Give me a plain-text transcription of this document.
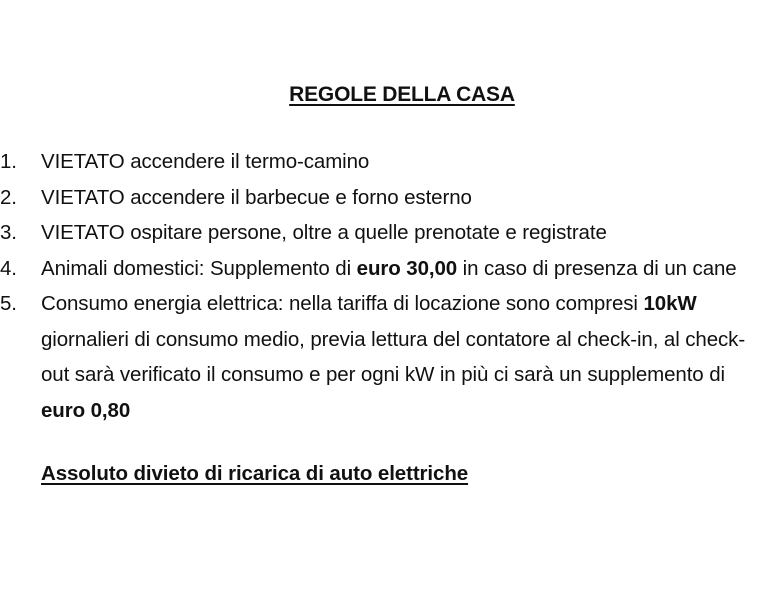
REGOLE DELLA CASA
1. VIETATO accendere il termo-camino
2. VIETATO accendere il barbecue e forno esterno
3. VIETATO ospitare persone, oltre a quelle prenotate e registrate
4. Animali domestici: Supplemento di euro 30,00 in caso di presenza di un cane
5. Consumo energia elettrica: nella tariffa di locazione sono compresi 10kW giornalieri di consumo medio, previa lettura del contatore al check-in, al check-out sarà verificato il consumo e per ogni kW in più ci sarà un supplemento di euro 0,80
Assoluto divieto di ricarica di auto elettriche
